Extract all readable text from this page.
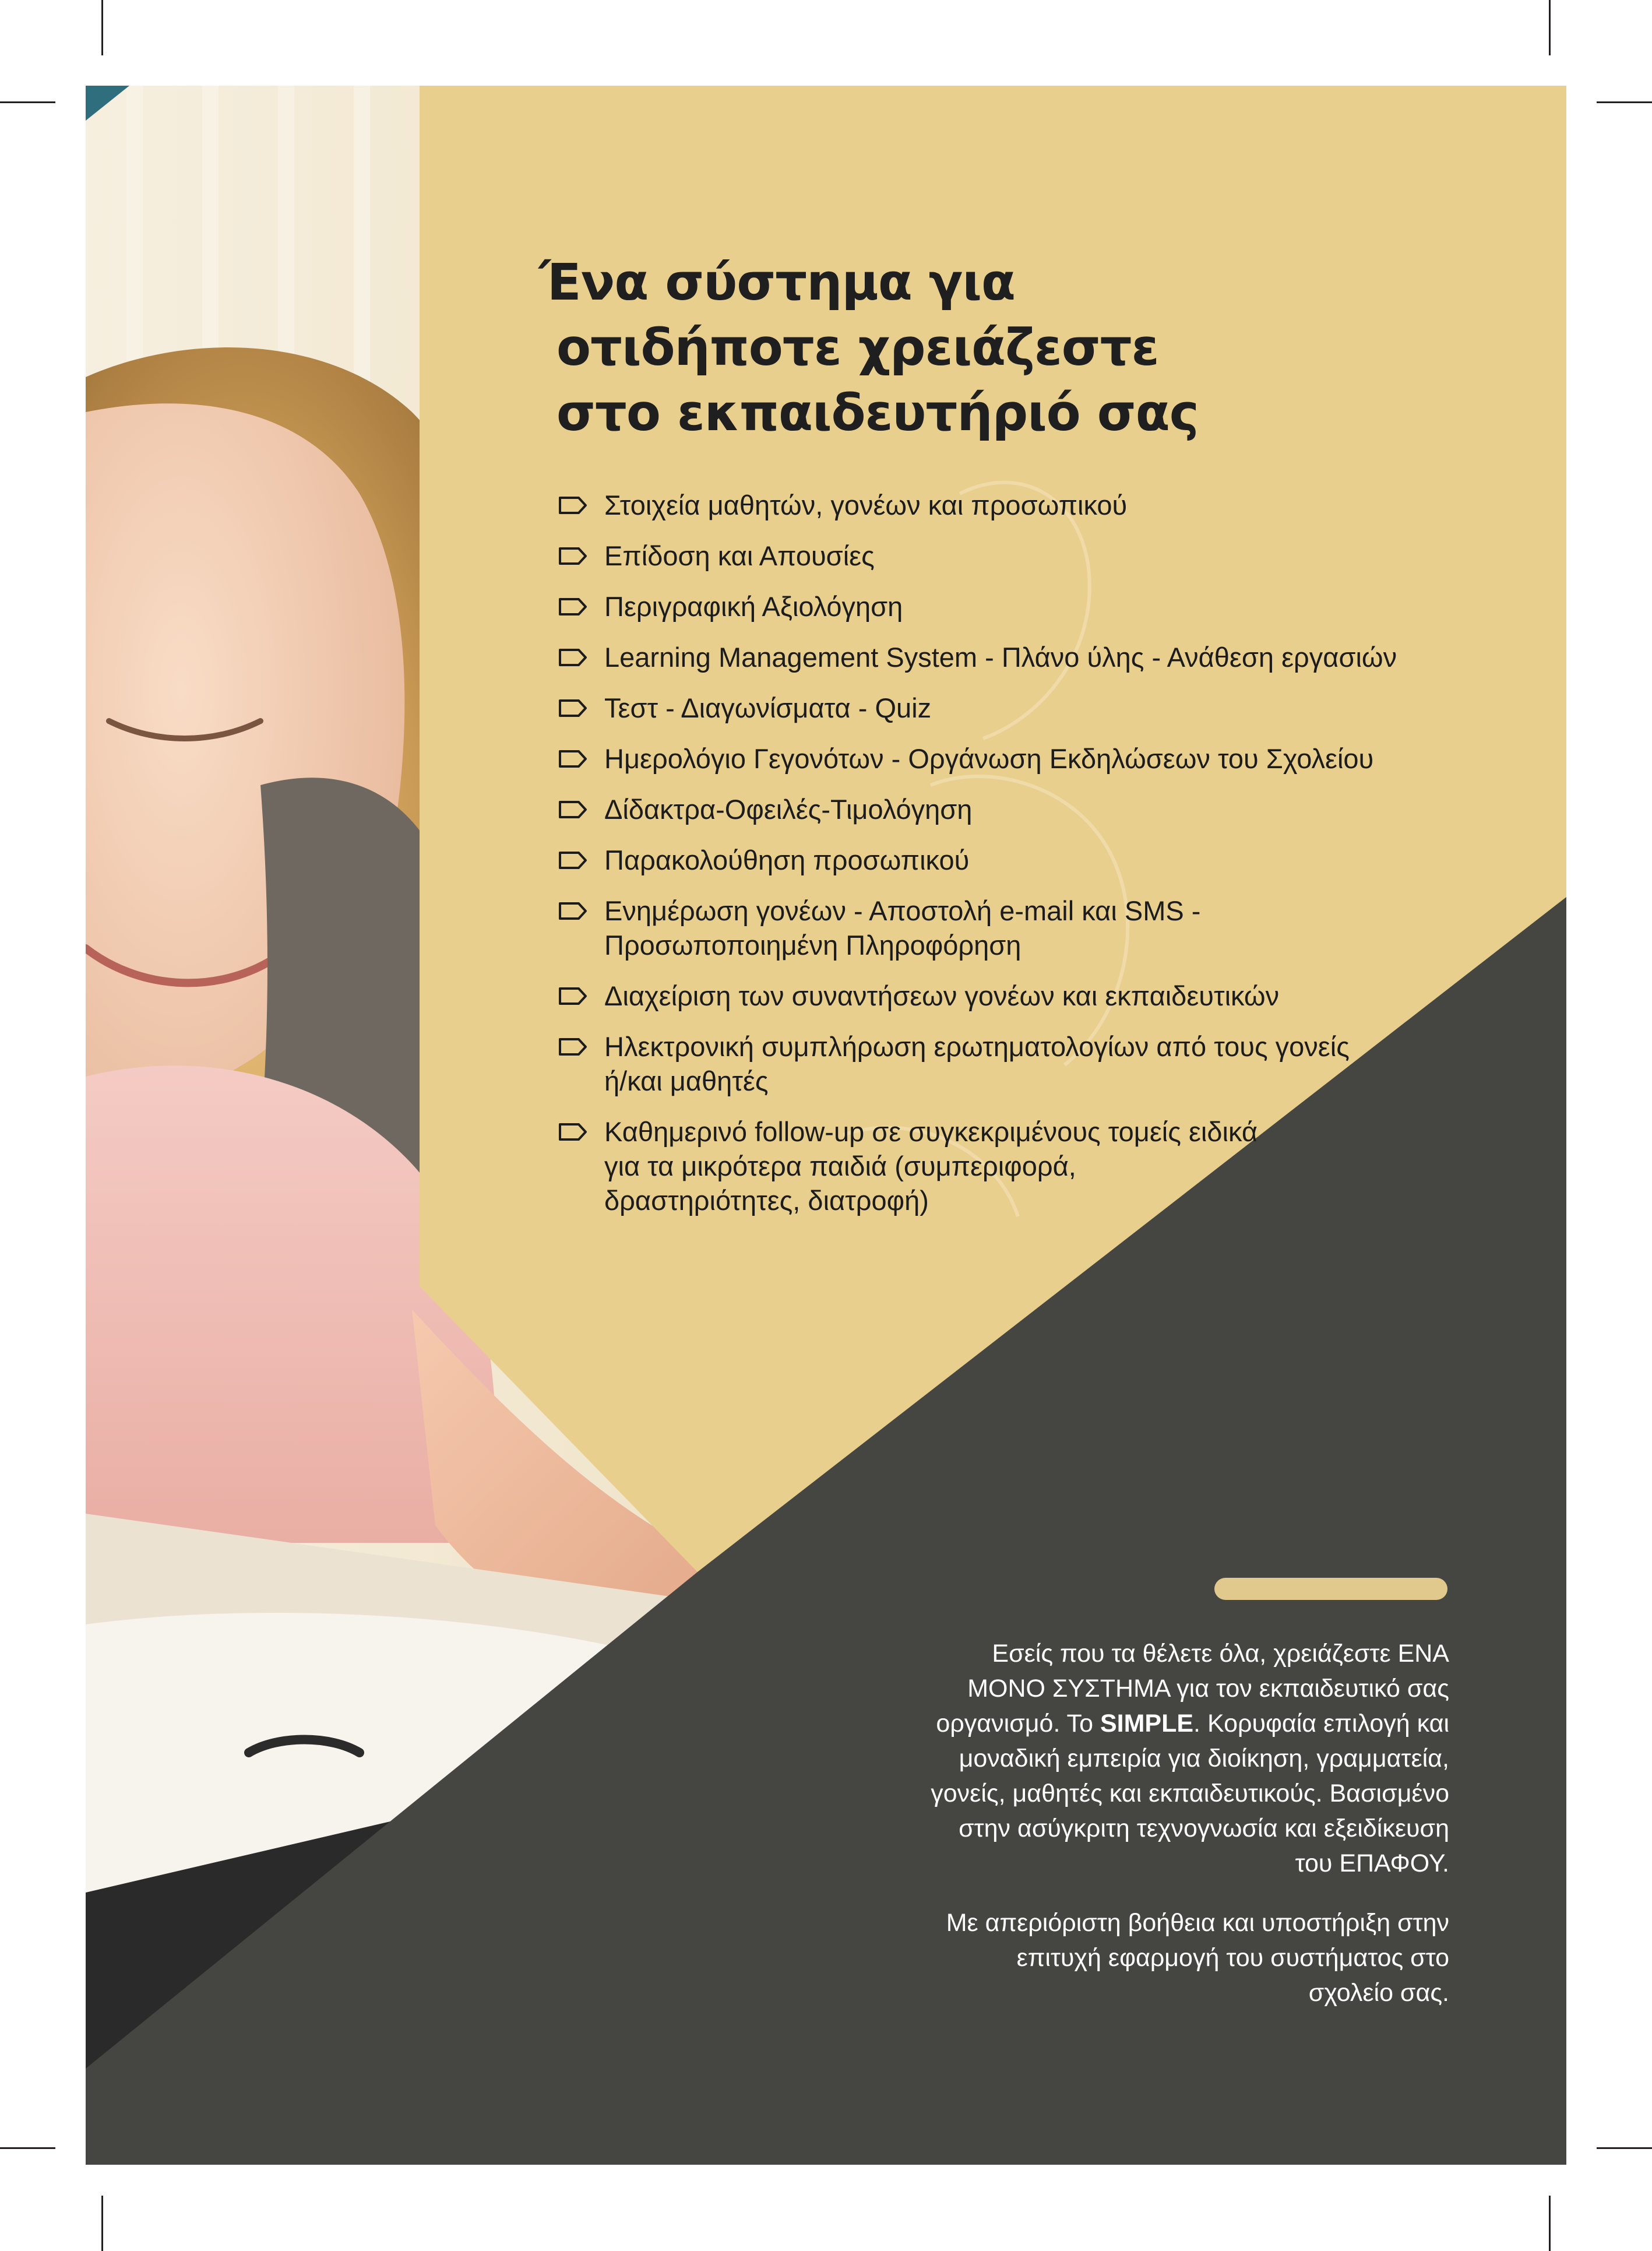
Ένα σύστημα για
οτιδήποτε χρειάζεστε
στο εκπαιδευτήριό σας
Στοιχεία μαθητών, γονέων και προσωπικού
Επίδοση και Απουσίες
Περιγραφική Αξιολόγηση
Learning Management System - Πλάνο ύλης - Ανάθεση εργασιών
Τεστ - Διαγωνίσματα - Quiz
Ημερολόγιο Γεγονότων - Οργάνωση Εκδηλώσεων του Σχολείου
Δίδακτρα-Οφειλές-Τιμολόγηση
Παρακολούθηση προσωπικού
Ενημέρωση γονέων - Αποστολή e-mail και SMS -
Προσωποποιημένη Πληροφόρηση
Διαχείριση των συναντήσεων γονέων και εκπαιδευτικών
Ηλεκτρονική συμπλήρωση ερωτηματολογίων από τους γονείς
ή/και μαθητές
Καθημερινό follow-up σε συγκεκριμένους τομείς ειδικά
για τα μικρότερα παιδιά (συμπεριφορά,
δραστηριότητες, διατροφή)

Εσείς που τα θέλετε όλα, χρειάζεστε ΕΝΑ
ΜΟΝΟ ΣΥΣΤΗΜΑ για τον εκπαιδευτικό σας
οργανισμό. Το SIMPLE. Κορυφαία επιλογή και
μοναδική εμπειρία για διοίκηση, γραμματεία,
γονείς, μαθητές και εκπαιδευτικούς. Βασισμένο
στην ασύγκριτη τεχνογνωσία και εξειδίκευση
του ΕΠΑΦΟΥ.

Με απεριόριστη βοήθεια και υποστήριξη στην
επιτυχή εφαρμογή του συστήματος στο
σχολείο σας.
